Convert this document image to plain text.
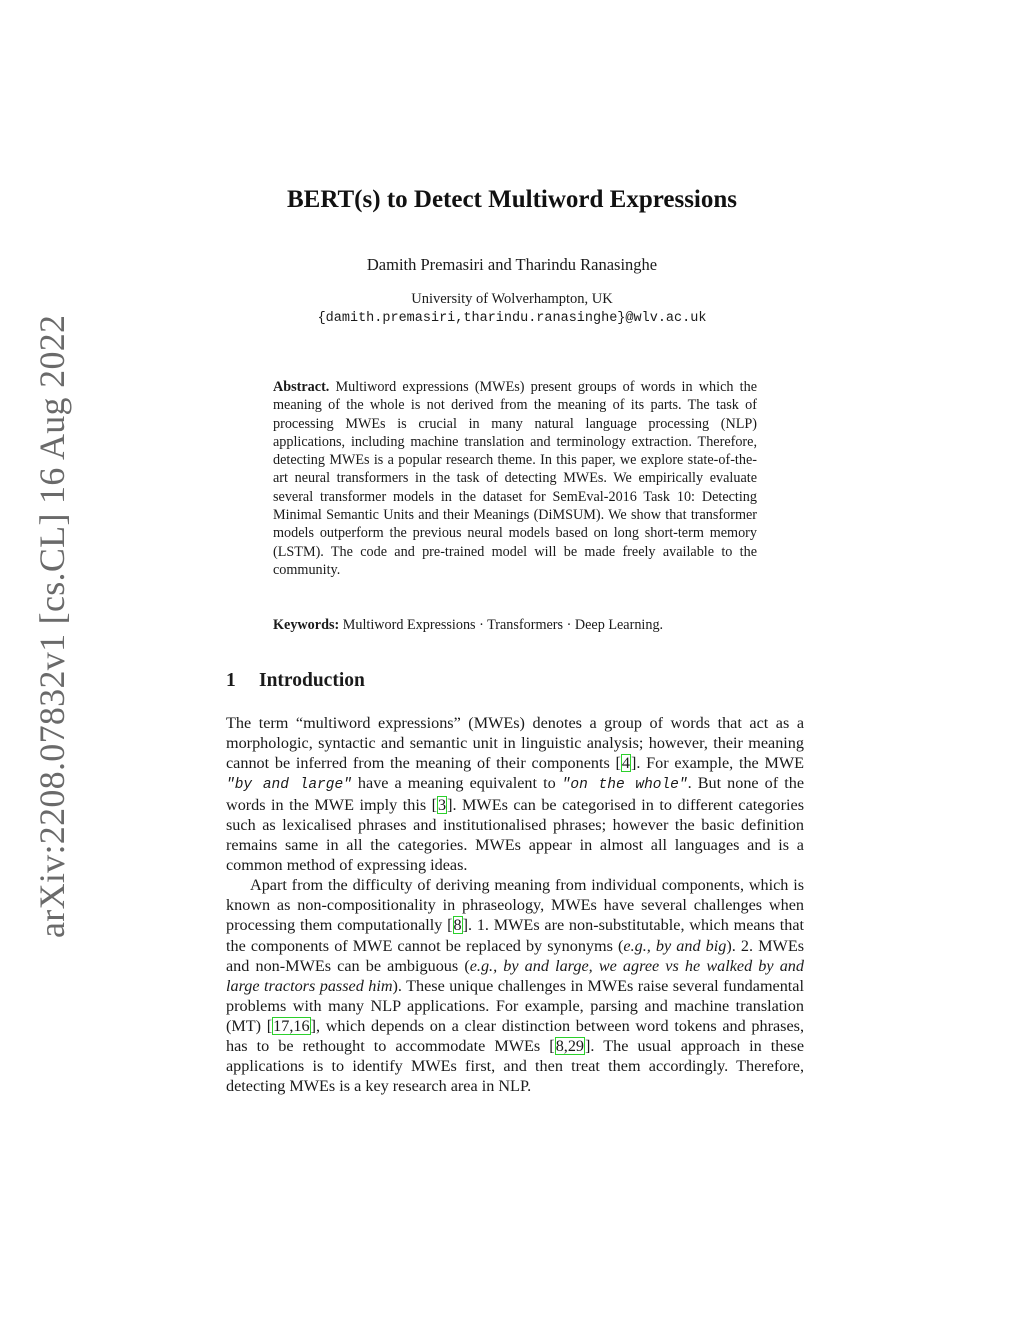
arXiv:2208.07832v1 [cs.CL] 16 Aug 2022
BERT(s) to Detect Multiword Expressions
Damith Premasiri and Tharindu Ranasinghe
University of Wolverhampton, UK
{damith.premasiri,tharindu.ranasinghe}@wlv.ac.uk
Abstract. Multiword expressions (MWEs) present groups of words in which the meaning of the whole is not derived from the meaning of its parts. The task of processing MWEs is crucial in many natural language processing (NLP) applications, including machine translation and terminology extraction. Therefore, detecting MWEs is a popular research theme. In this paper, we explore state-of-the-art neural transformers in the task of detecting MWEs. We empirically evaluate several transformer models in the dataset for SemEval-2016 Task 10: Detecting Minimal Semantic Units and their Meanings (DiMSUM). We show that transformer models outperform the previous neural models based on long short-term memory (LSTM). The code and pre-trained model will be made freely available to the community.
Keywords: Multiword Expressions · Transformers · Deep Learning.
1 Introduction

The term “multiword expressions” (MWEs) denotes a group of words that act as a morphologic, syntactic and semantic unit in linguistic analysis; however, their meaning cannot be inferred from the meaning of their components [4]. For example, the MWE "by and large" have a meaning equivalent to "on the whole". But none of the words in the MWE imply this [3]. MWEs can be categorised in to different categories such as lexicalised phrases and institutionalised phrases; however the basic definition remains same in all the categories. MWEs appear in almost all languages and is a common method of expressing ideas.

Apart from the difficulty of deriving meaning from individual components, which is known as non-compositionality in phraseology, MWEs have several challenges when processing them computationally [8]. 1. MWEs are non-substitutable, which means that the components of MWE cannot be replaced by synonyms (e.g., by and big). 2. MWEs and non-MWEs can be ambiguous (e.g., by and large, we agree vs he walked by and large tractors passed him). These unique challenges in MWEs raise several fundamental problems with many NLP applications. For example, parsing and machine translation (MT) [17,16], which depends on a clear distinction between word tokens and phrases, has to be rethought to accommodate MWEs [8,29]. The usual approach in these applications is to identify MWEs first, and then treat them accordingly. Therefore, detecting MWEs is a key research area in NLP.
